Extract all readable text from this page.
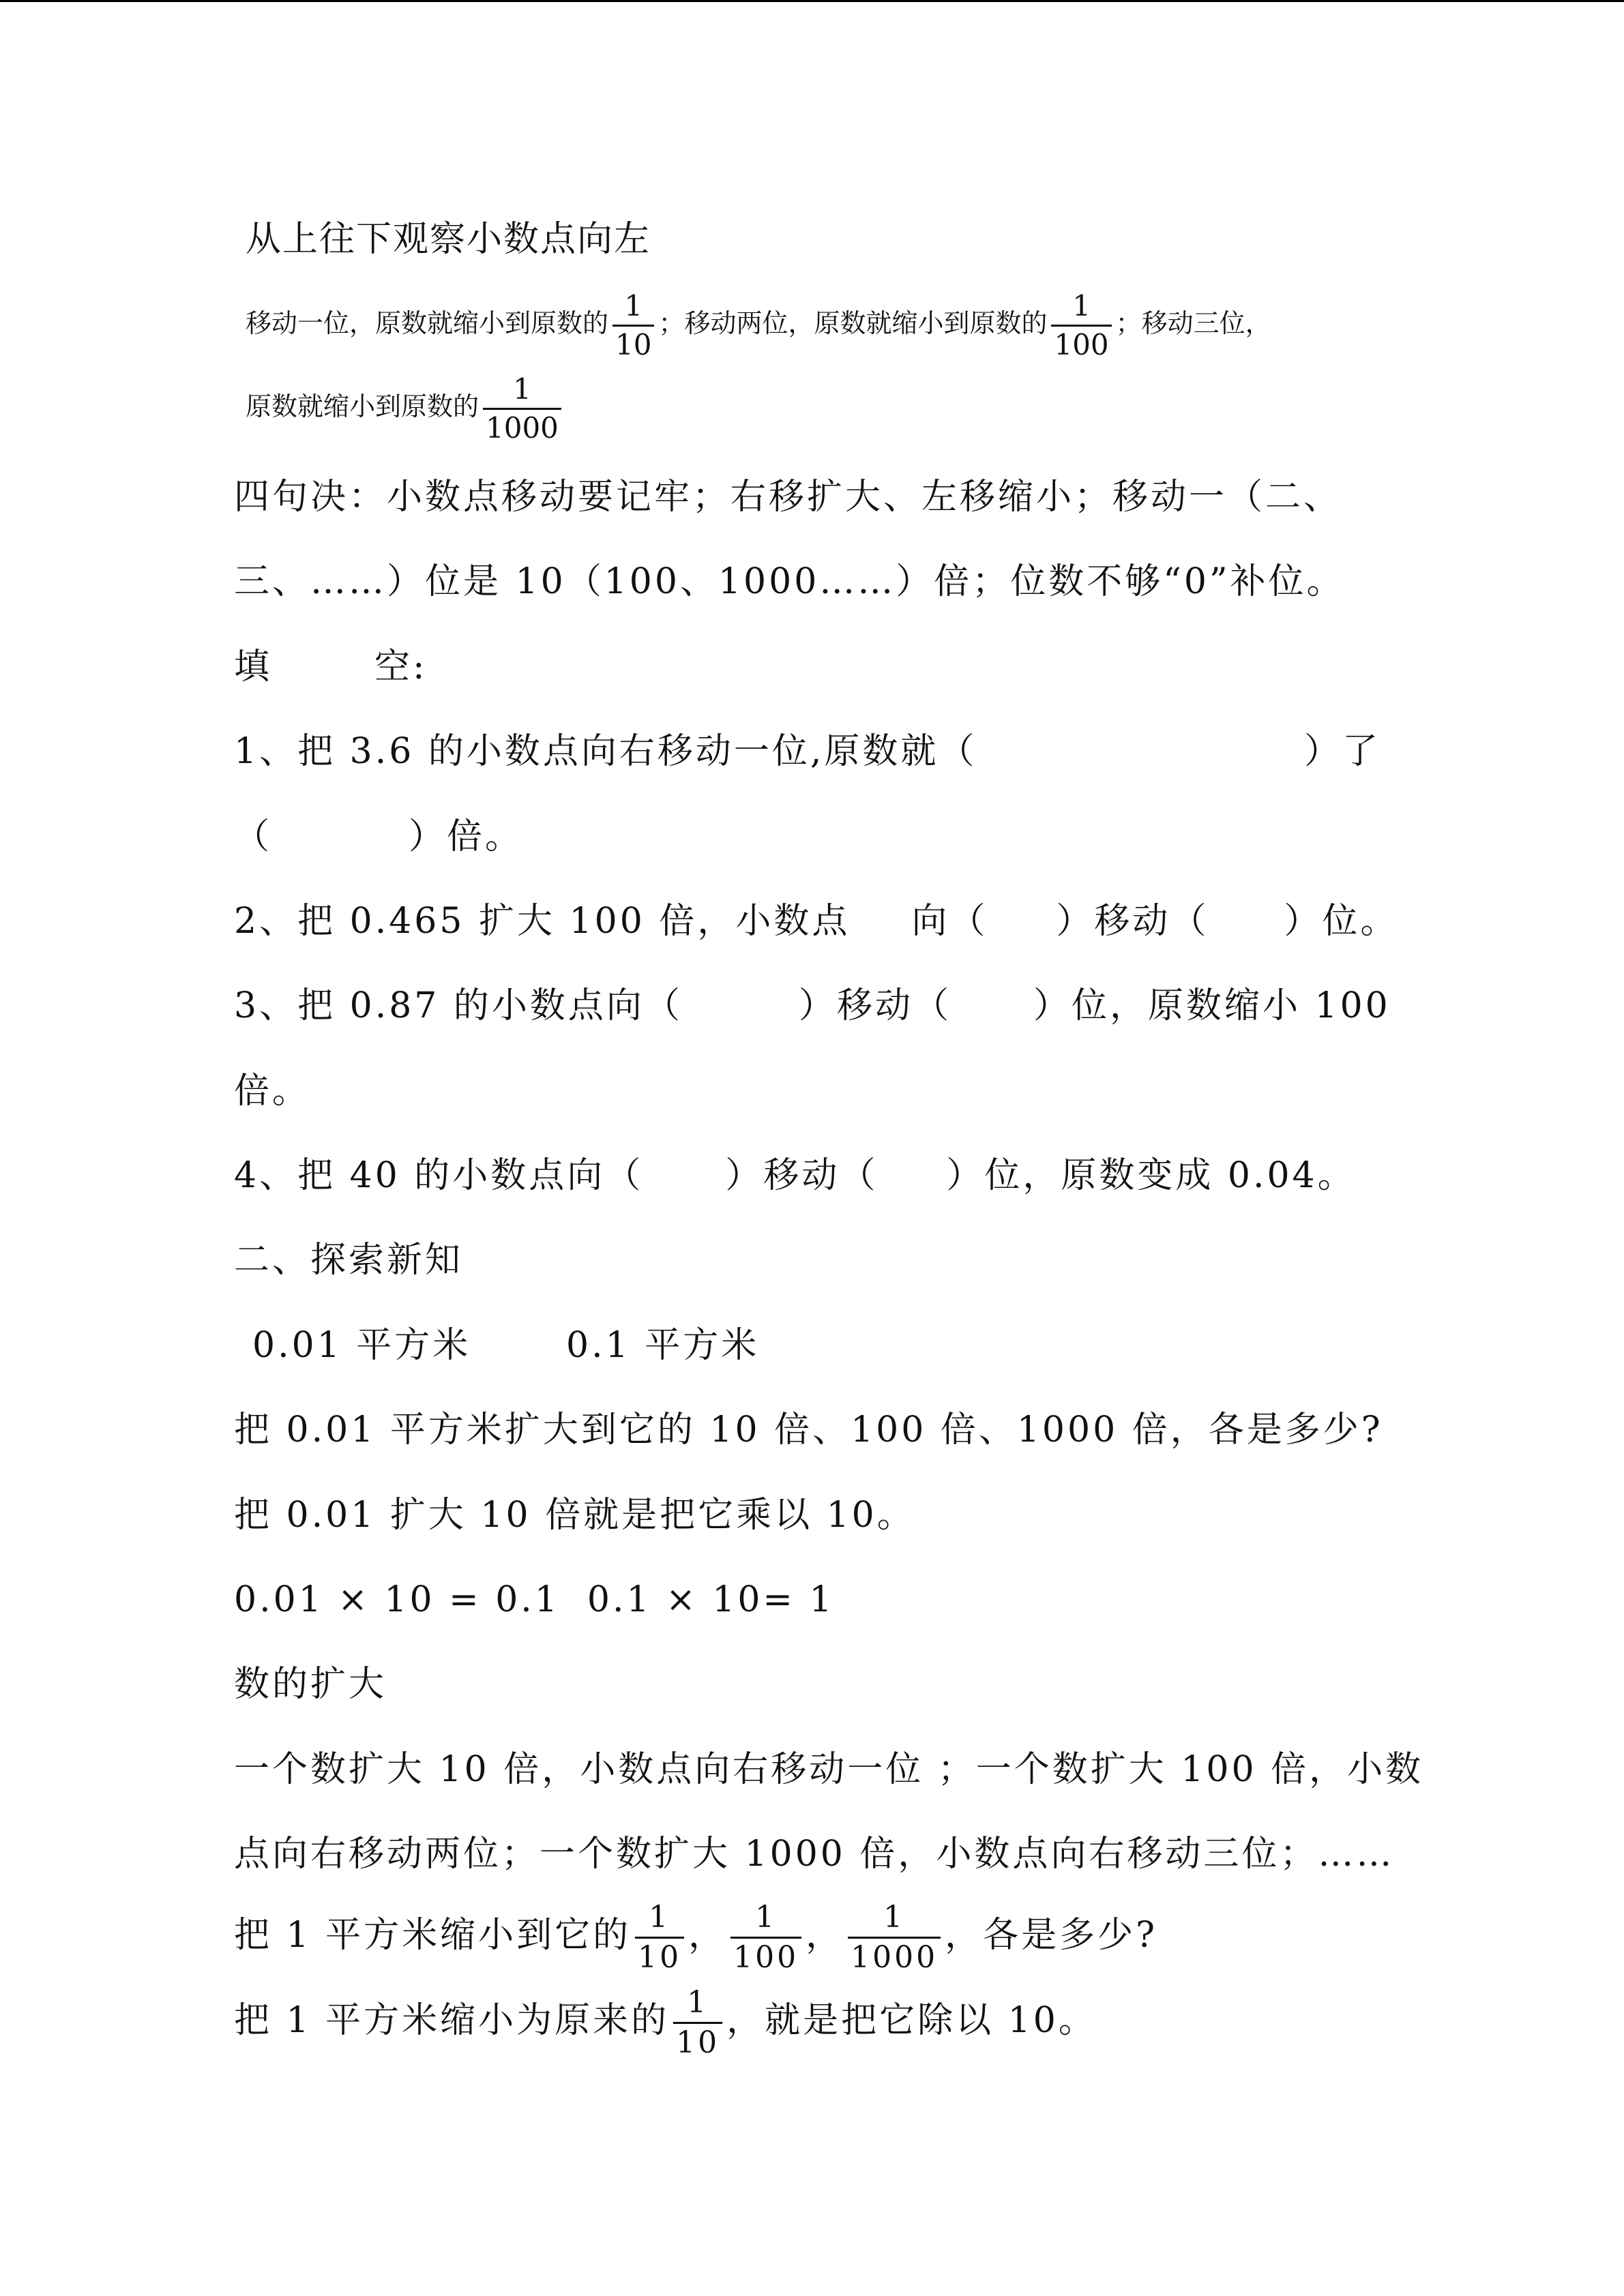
从上往下观察小数点向左
移动一位，原数就缩小到原数的 $\frac{1}{10}$ ；移动两位，原数就缩小到原数的 $\frac{1}{100}$ ；移动三位，
原数就缩小到原数的 $\frac{1}{1000}$
四句决：小数点移动要记牢；右移扩大、左移缩小；移动一（二、
三、……）位是 10（100、1000……）倍；位数不够“0”补位。
填	空:
1、把 3.6 的小数点向右移动一位,原数就（	）了
（	）倍。
2、把 0.465 扩大 100 倍，小数点 向（ ）移动（ ）位。
3、把 0.87 的小数点向（	）移动（ ）位，原数缩小 100
倍。
4、把 40 的小数点向（ ）移动（ ）位，原数变成 0.04。
二、探索新知
0.01 平方米	0.1 平方米
把 0.01 平方米扩大到它的 10 倍、100 倍、1000 倍，各是多少?
把 0.01 扩大 10 倍就是把它乘以 10。
0.01 × 10 = 0.1 0.1 × 10= 1
数的扩大
一个数扩大 10 倍，小数点向右移动一位 ；一个数扩大 100 倍，小数
点向右移动两位；一个数扩大 1000 倍，小数点向右移动三位；……
把 1 平方米缩小到它的 $\frac{1}{10}$ ， $\frac{1}{100}$ ， $\frac{1}{1000}$ ，各是多少?
把 1 平方米缩小为原来的 $\frac{1}{10}$ ，就是把它除以 10。
